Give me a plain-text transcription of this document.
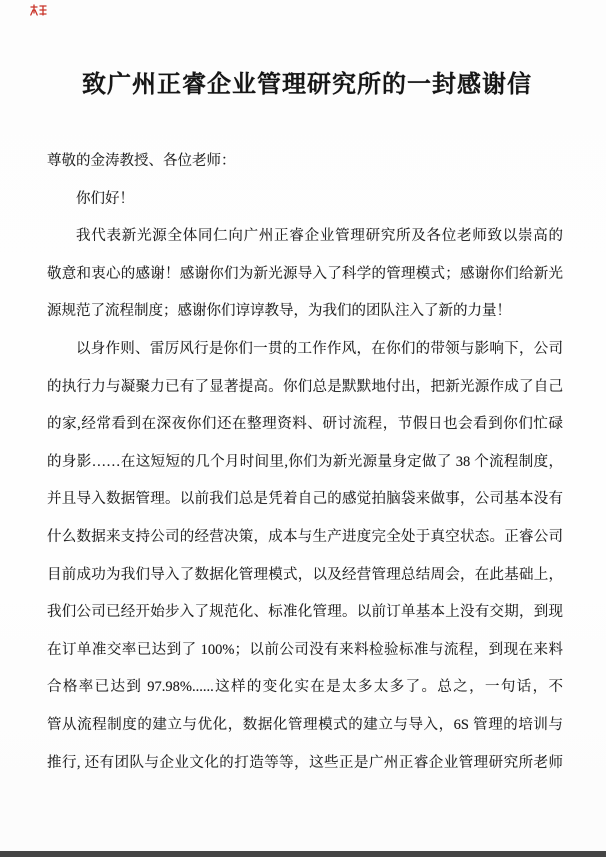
致广州正睿企业管理研究所的一封感谢信
尊敬的金涛教授、各位老师：
你们好！
我代表新光源全体同仁向广州正睿企业管理研究所及各位老师致以崇高的
敬意和衷心的感谢！感谢你们为新光源导入了科学的管理模式；感谢你们给新光
源规范了流程制度；感谢你们谆谆教导，为我们的团队注入了新的力量！
以身作则、雷厉风行是你们一贯的工作作风，在你们的带领与影响下，公司
的执行力与凝聚力已有了显著提高。你们总是默默地付出，把新光源作成了自己
的家,经常看到在深夜你们还在整理资料、研讨流程，节假日也会看到你们忙碌
的身影……在这短短的几个月时间里,你们为新光源量身定做了 38 个流程制度，
并且导入数据管理。以前我们总是凭着自己的感觉拍脑袋来做事，公司基本没有
什么数据来支持公司的经营决策，成本与生产进度完全处于真空状态。正睿公司
目前成功为我们导入了数据化管理模式，以及经营管理总结周会，在此基础上，
我们公司已经开始步入了规范化、标准化管理。以前订单基本上没有交期，到现
在订单准交率已达到了 100%；以前公司没有来料检验标准与流程，到现在来料
合格率已达到 97.98%......这样的变化实在是太多太多了。总之，一句话，不
管从流程制度的建立与优化，数据化管理模式的建立与导入，6S 管理的培训与
推行, 还有团队与企业文化的打造等等，这些正是广州正睿企业管理研究所老师
